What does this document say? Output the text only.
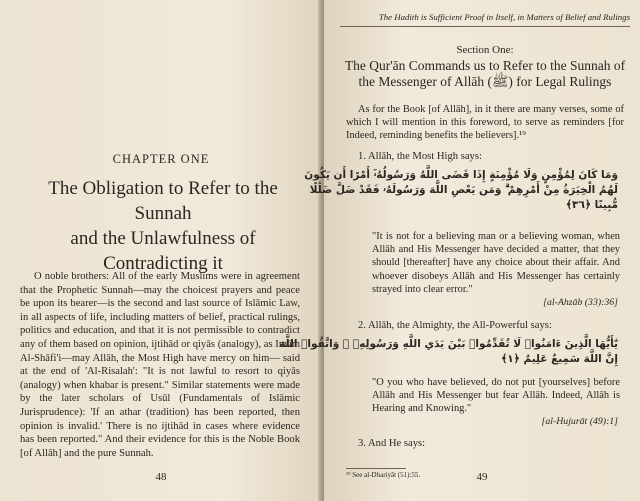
CHAPTER ONE
The Obligation to Refer to the Sunnah
and the Unlawfulness of Contradicting it

O noble brothers: All of the early Muslims were in agreement that the Prophetic Sunnah—may the choicest prayers and peace be upon its bearer—is the second and last source of Islāmic Law, in all aspects of life, including matters of belief, practical rulings, politics and education, and that it is not permissible to contradict any of them based on opinion, ijtihād or qiyās (analogy), as Imām Al-Shāfi'i—may Allāh, the Most High have mercy on him— said at the end of 'Al-Risalah': "It is not lawful to resort to qiyās (analogy) when khabar is present." Similar statements were made by the later scholars of Usūl (Fundamentals of Islāmic Jurisprudence): 'If an athar (tradition) has been reported, then opinion is invalid.' There is no ijtihād in cases where evidence has been reported." And their evidence for this is the Noble Book [of Allāh] and the pure Sunnah.

48	49
The Hadith is Sufficient Proof in Itself, in Matters of Belief and Rulings
Section One:
The Qur'ān Commands us to Refer to the Sunnah of
the Messenger of Allāh (ﷺ) for Legal Rulings

As for the Book [of Allāh], in it there are many verses, some of which I will mention in this foreword, to serve as reminders [for Indeed, reminding benefits the believers].¹⁹

1. Allāh, the Most High says:
وَمَا كَانَ لِمُؤْمِنٍ وَلَا مُؤْمِنَةٍ إِذَا قَضَى اللَّهُ وَرَسُولُهُۥٓ أَمْرًا أَن يَكُونَ
لَهُمُ الْخِيَرَةُ مِنْ أَمْرِهِمْ ۗ وَمَن يَعْصِ اللَّهَ وَرَسُولَهُۥ فَقَدْ ضَلَّ ضَلَٰلًا
مُّبِينًا ﴿٣٦﴾

"It is not for a believing man or a believing woman, when Allāh and His Messenger have decided a matter, that they should [thereafter] have any choice about their affair. And whoever disobeys Allāh and His Messenger has certainly strayed into clear error."

[al-Ahzāb (33):36]
2. Allāh, the Almighty, the All-Powerful says:
يَٰٓأَيُّهَا الَّذِينَ ءَامَنُوا۟ لَا تُقَدِّمُوا۟ بَيْنَ يَدَىِ اللَّهِ وَرَسُولِهِۦ ۖ وَاتَّقُوا۟ اللَّهَ
إِنَّ اللَّهَ سَمِيعٌ عَلِيمٌ ﴿١﴾

"O you who have believed, do not put [yourselves] before Allāh and His Messenger but fear Allāh. Indeed, Allāh is Hearing and Knowing."

[al-Hujurāt (49):1]
3. And He says:
¹⁹ See al-Dhariyāt (51):55.
